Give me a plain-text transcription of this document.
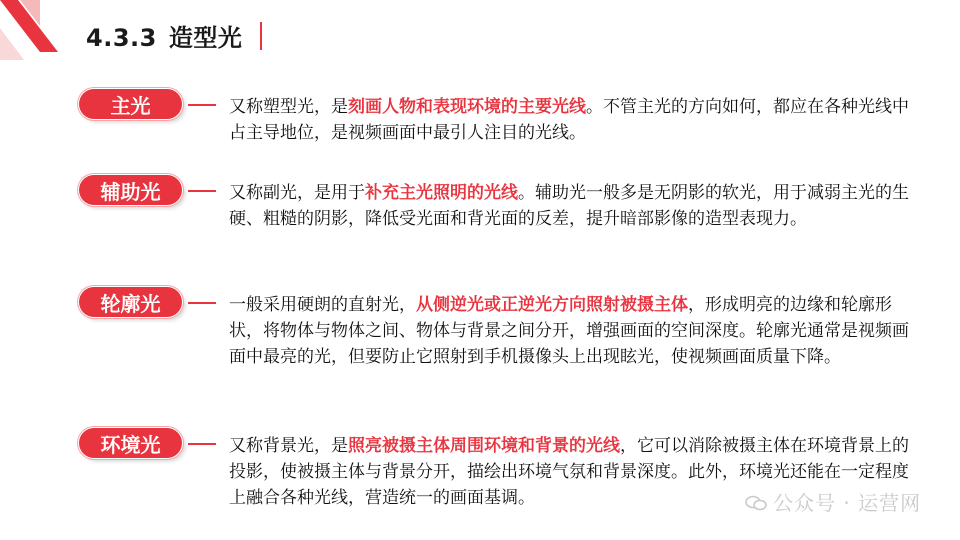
4.3.3 造型光
主光	又称塑型光，是刻画人物和表现环境的主要光线。不管主光的方向如何，都应在各种光线中占主导地位，是视频画面中最引人注目的光线。
辅助光	又称副光，是用于补充主光照明的光线。辅助光一般多是无阴影的软光，用于减弱主光的生硬、粗糙的阴影，降低受光面和背光面的反差，提升暗部影像的造型表现力。
轮廓光	一般采用硬朗的直射光，从侧逆光或正逆光方向照射被摄主体，形成明亮的边缘和轮廓形状，将物体与物体之间、物体与背景之间分开，增强画面的空间深度。轮廓光通常是视频画面中最亮的光，但要防止它照射到手机摄像头上出现眩光，使视频画面质量下降。
环境光	又称背景光，是照亮被摄主体周围环境和背景的光线，它可以消除被摄主体在环境背景上的投影，使被摄主体与背景分开，描绘出环境气氛和背景深度。此外，环境光还能在一定程度上融合各种光线，营造统一的画面基调。	公众号 · 运营网
